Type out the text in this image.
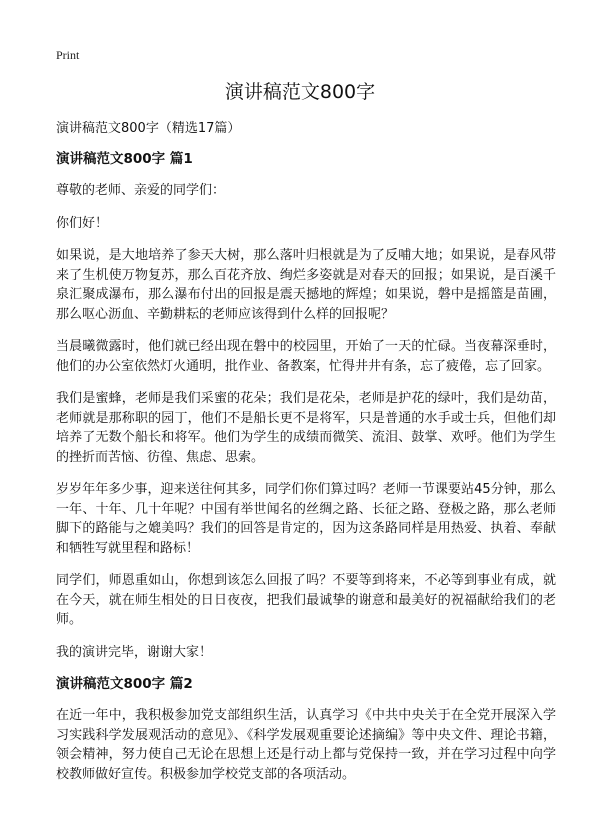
Print
演讲稿范文800字
演讲稿范文800字（精选17篇）
演讲稿范文800字 篇1

尊敬的老师、亲爱的同学们：

你们好！

如果说，是大地培养了参天大树，那么落叶归根就是为了反哺大地；如果说，是春风带来了生机使万物复苏，那么百花齐放、绚烂多姿就是对春天的回报；如果说，是百溪千泉汇聚成瀑布，那么瀑布付出的回报是震天撼地的辉煌；如果说，磐中是摇篮是苗圃，那么呕心沥血、辛勤耕耘的老师应该得到什么样的回报呢？

当晨曦微露时，他们就已经出现在磐中的校园里，开始了一天的忙碌。当夜幕深垂时，他们的办公室依然灯火通明，批作业、备教案，忙得井井有条，忘了疲倦，忘了回家。

我们是蜜蜂，老师是我们采蜜的花朵；我们是花朵，老师是护花的绿叶，我们是幼苗，老师就是那称职的园丁，他们不是船长更不是将军，只是普通的水手或士兵，但他们却培养了无数个船长和将军。他们为学生的成绩而微笑、流泪、鼓掌、欢呼。他们为学生的挫折而苦恼、彷徨、焦虑、思索。

岁岁年年多少事，迎来送往何其多，同学们你们算过吗？老师一节课要站45分钟，那么一年、十年、几十年呢？中国有举世闻名的丝绸之路、长征之路、登极之路，那么老师脚下的路能与之媲美吗？我们的回答是肯定的，因为这条路同样是用热爱、执着、奉献和牺牲写就里程和路标！

同学们，师恩重如山，你想到该怎么回报了吗？不要等到将来，不必等到事业有成，就在今天，就在师生相处的日日夜夜，把我们最诚挚的谢意和最美好的祝福献给我们的老师。

我的演讲完毕，谢谢大家！

演讲稿范文800字 篇2

在近一年中，我积极参加党支部组织生活，认真学习《中共中央关于在全党开展深入学习实践科学发展观活动的意见》、《科学发展观重要论述摘编》等中央文件、理论书籍，领会精神，努力使自己无论在思想上还是行动上都与党保持一致，并在学习过程中向学校教师做好宣传。积极参加学校党支部的各项活动。
